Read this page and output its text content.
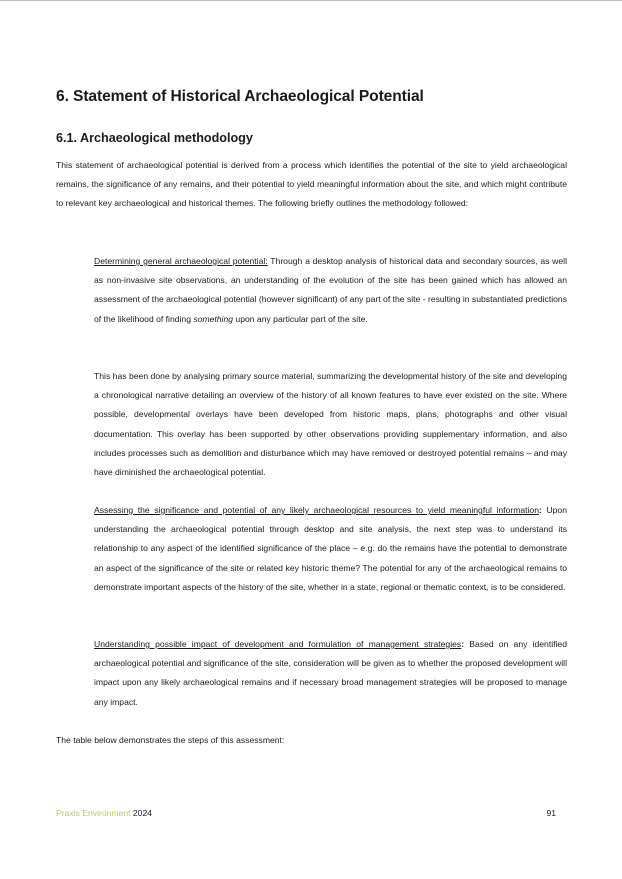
6. Statement of Historical Archaeological Potential
6.1. Archaeological methodology

This statement of archaeological potential is derived from a process which identifies the potential of the site to yield archaeological remains, the significance of any remains, and their potential to yield meaningful information about the site, and which might contribute to relevant key archaeological and historical themes. The following briefly outlines the methodology followed:

Determining general archaeological potential: Through a desktop analysis of historical data and secondary sources, as well as non-invasive site observations, an understanding of the evolution of the site has been gained which has allowed an assessment of the archaeological potential (however significant) of any part of the site - resulting in substantiated predictions of the likelihood of finding something upon any particular part of the site.

This has been done by analysing primary source material, summarizing the developmental history of the site and developing a chronological narrative detailing an overview of the history of all known features to have ever existed on the site. Where possible, developmental overlays have been developed from historic maps, plans, photographs and other visual documentation. This overlay has been supported by other observations providing supplementary information, and also includes processes such as demolition and disturbance which may have removed or destroyed potential remains – and may have diminished the archaeological potential.

Assessing the significance and potential of any likely archaeological resources to yield meaningful information: Upon understanding the archaeological potential through desktop and site analysis, the next step was to understand its relationship to any aspect of the identified significance of the place – e.g. do the remains have the potential to demonstrate an aspect of the significance of the site or related key historic theme? The potential for any of the archaeological remains to demonstrate important aspects of the history of the site, whether in a state, regional or thematic context, is to be considered.

Understanding possible impact of development and formulation of management strategies: Based on any identified archaeological potential and significance of the site, consideration will be given as to whether the proposed development will impact upon any likely archaeological remains and if necessary broad management strategies will be proposed to manage any impact.

The table below demonstrates the steps of this assessment:

Praxis Environment 2024	91
